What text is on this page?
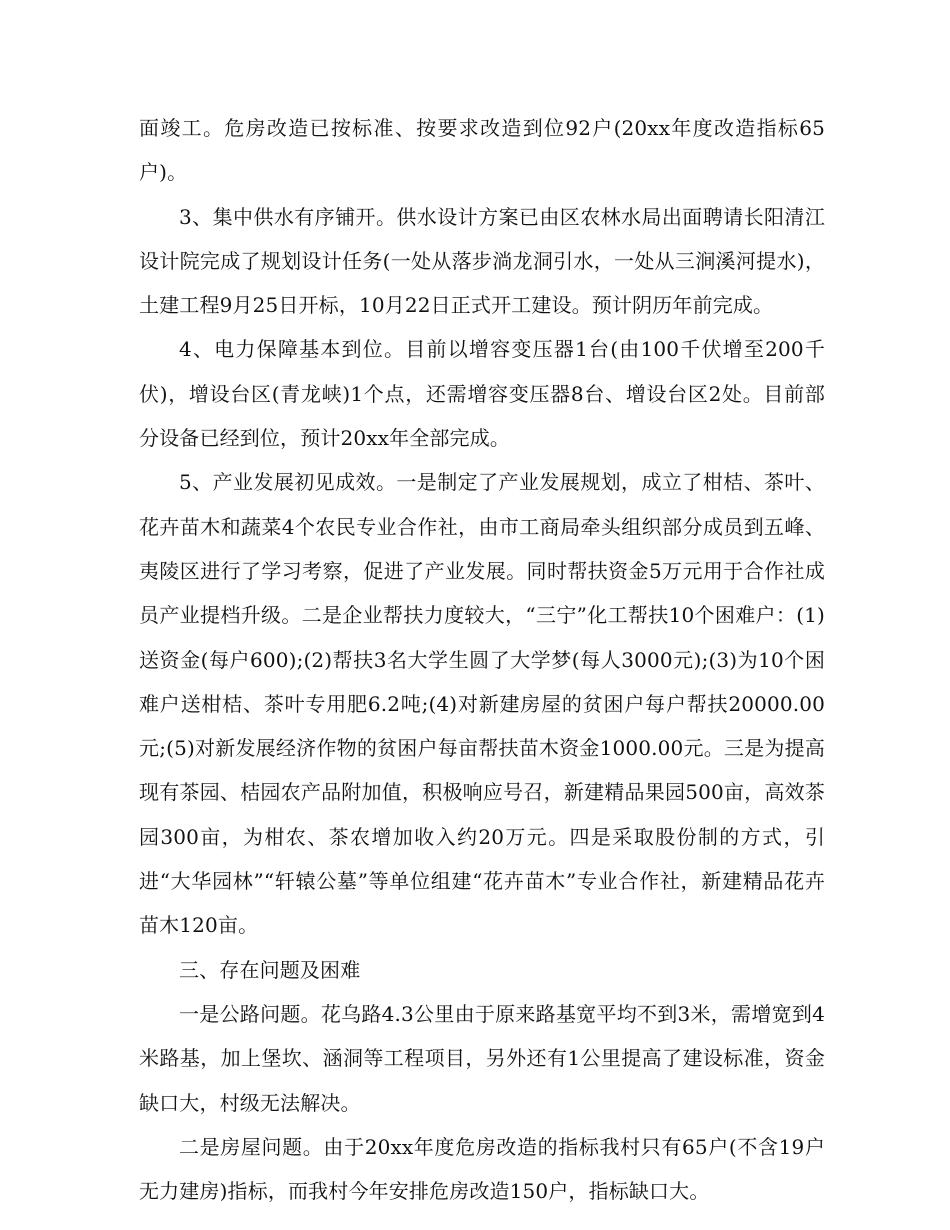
面竣工。危房改造已按标准、按要求改造到位92户(20xx年度改造指标65户)。

3、集中供水有序铺开。供水设计方案已由区农林水局出面聘请长阳清江设计院完成了规划设计任务(一处从落步淌龙洞引水，一处从三涧溪河提水)，土建工程9月25日开标，10月22日正式开工建设。预计阴历年前完成。

4、电力保障基本到位。目前以增容变压器1台(由100千伏增至200千伏)，增设台区(青龙峡)1个点，还需增容变压器8台、增设台区2处。目前部分设备已经到位，预计20xx年全部完成。

5、产业发展初见成效。一是制定了产业发展规划，成立了柑桔、茶叶、花卉苗木和蔬菜4个农民专业合作社，由市工商局牵头组织部分成员到五峰、夷陵区进行了学习考察，促进了产业发展。同时帮扶资金5万元用于合作社成员产业提档升级。二是企业帮扶力度较大，“三宁”化工帮扶10个困难户：(1)送资金(每户600);(2)帮扶3名大学生圆了大学梦(每人3000元);(3)为10个困难户送柑桔、茶叶专用肥6.2吨;(4)对新建房屋的贫困户每户帮扶20000.00元;(5)对新发展经济作物的贫困户每亩帮扶苗木资金1000.00元。三是为提高现有茶园、桔园农产品附加值，积极响应号召，新建精品果园500亩，高效茶园300亩，为柑农、茶农增加收入约20万元。四是采取股份制的方式，引进“大华园林”“轩辕公墓”等单位组建“花卉苗木”专业合作社，新建精品花卉苗木120亩。

三、存在问题及困难

一是公路问题。花乌路4.3公里由于原来路基宽平均不到3米，需增宽到4米路基，加上堡坎、涵洞等工程项目，另外还有1公里提高了建设标准，资金缺口大，村级无法解决。

二是房屋问题。由于20xx年度危房改造的指标我村只有65户(不含19户无力建房)指标，而我村今年安排危房改造150户，指标缺口大。
